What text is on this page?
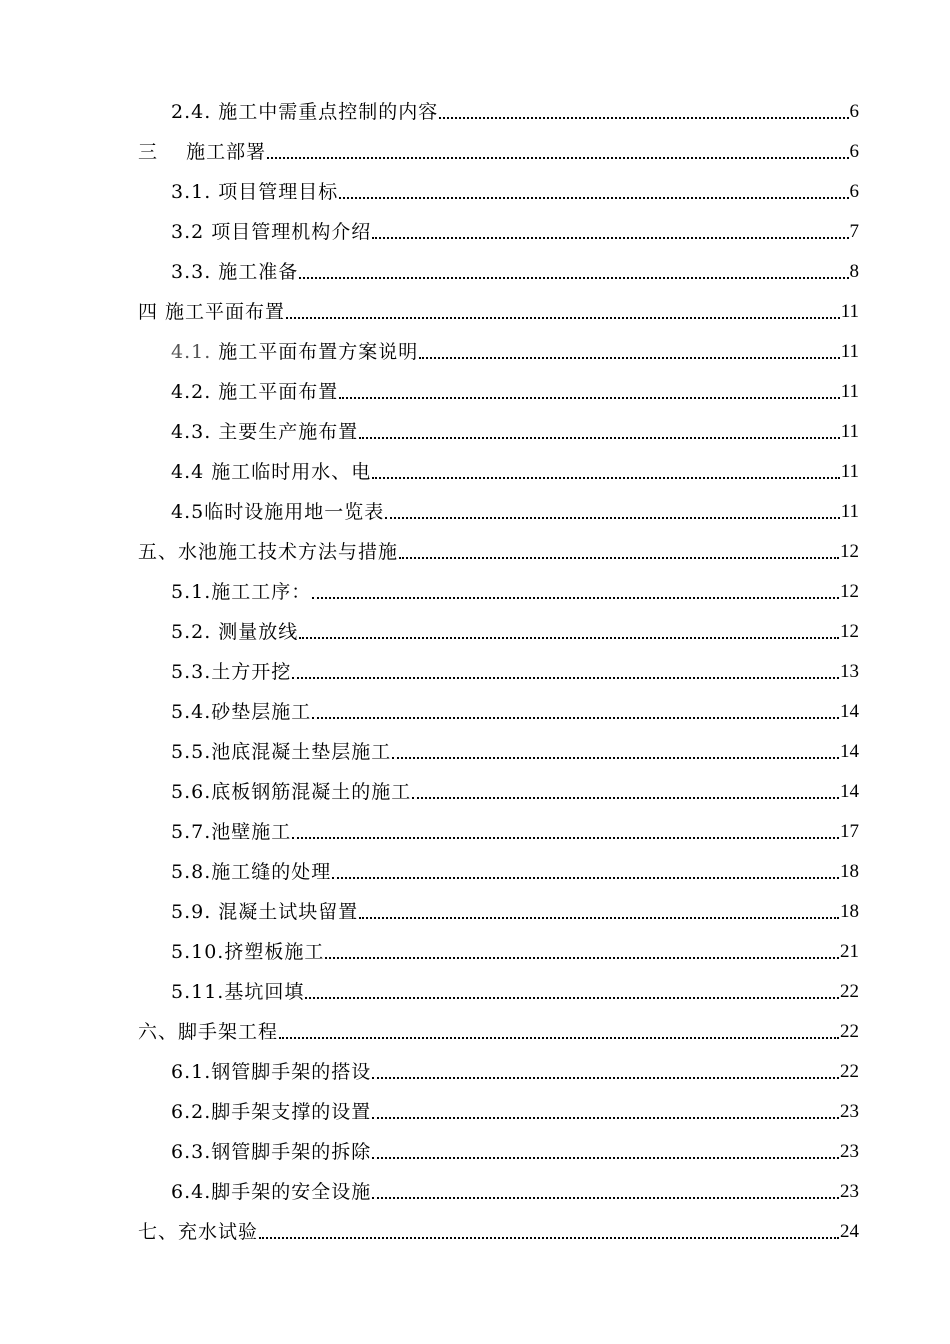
2.4. 施工中需重点控制的内容	6
三 施工部署	6
3.1. 项目管理目标	6
3.2 项目管理机构介绍	7
3.3. 施工准备	8
四 施工平面布置	11
4.1. 施工平面布置方案说明	11
4.2. 施工平面布置	11
4.3. 主要生产施布置	11
4.4 施工临时用水、电	11
4.5 临时设施用地一览表	11
五、 水池施工技术方法与措施	12
5.1. 施工工序：	12
5.2. 测量放线	12
5.3. 土方开挖	13
5.4. 砂垫层施工	14
5.5. 池底混凝土垫层施工	14
5.6. 底板钢筋混凝土的施工	14
5.7. 池壁施工	17
5.8. 施工缝的处理	18
5.9. 混凝土试块留置	18
5.10. 挤塑板施工	21
5.11. 基坑回填	22
六、 脚手架工程	22
6.1. 钢管脚手架的搭设	22
6.2. 脚手架支撑的设置	23
6.3. 钢管脚手架的拆除	23
6.4. 脚手架的安全设施	23
七、 充水试验	24
